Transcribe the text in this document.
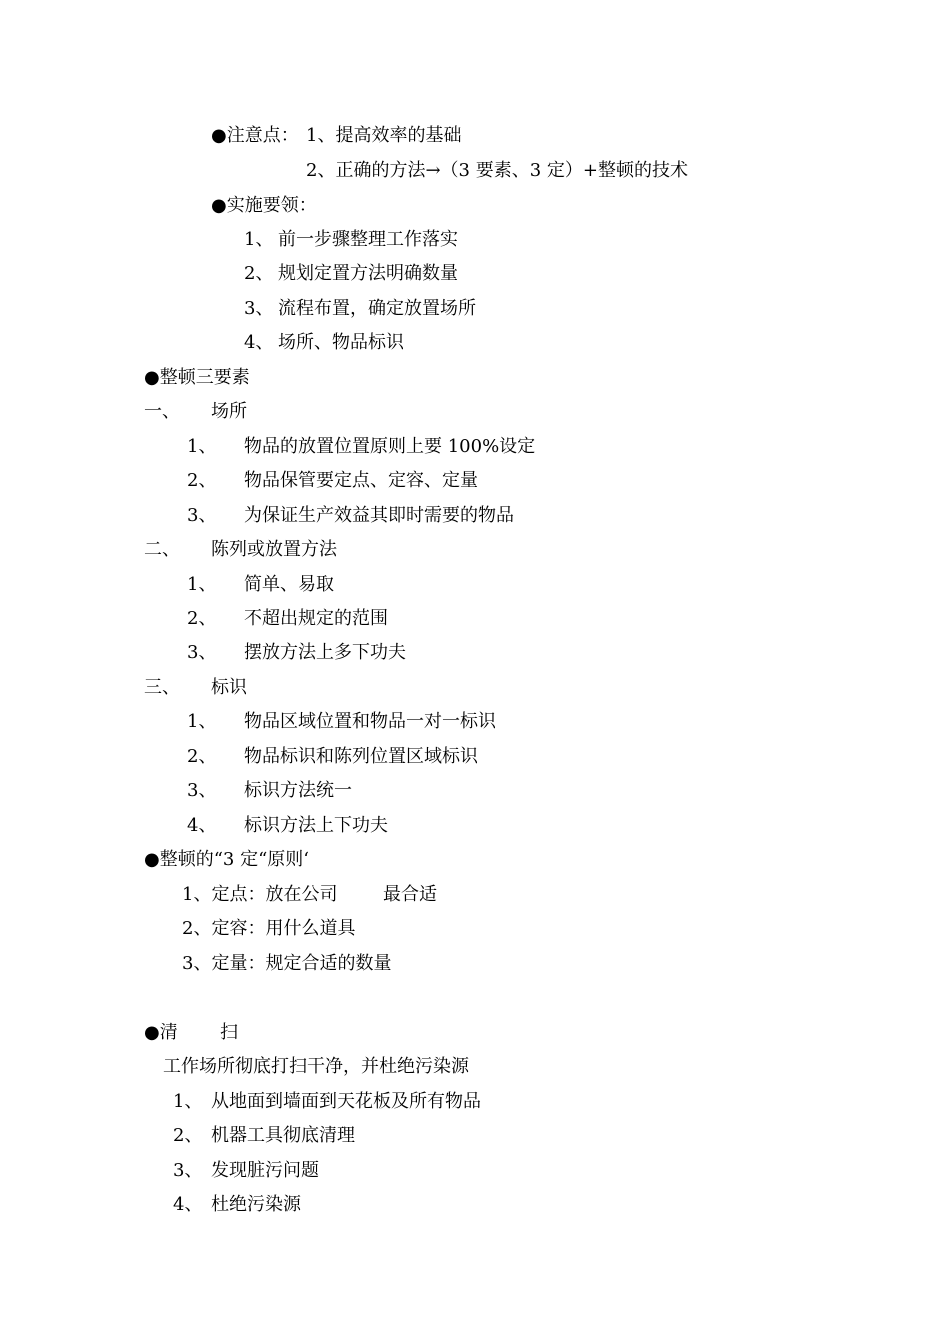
●注意点： 1、提高效率的基础
2、正确的方法→（3 要素、3 定）+整顿的技术
●实施要领：
1、 前一步骤整理工作落实
2、 规划定置方法明确数量
3、 流程布置，确定放置场所
4、 场所、物品标识
●整顿三要素
一、 场所
1、 物品的放置位置原则上要 100%设定
2、 物品保管要定点、定容、定量
3、 为保证生产效益其即时需要的物品
二、 陈列或放置方法
1、 简单、易取
2、 不超出规定的范围
3、 摆放方法上多下功夫
三、 标识
1、 物品区域位置和物品一对一标识
2、 物品标识和陈列位置区域标识
3、 标识方法统一
4、 标识方法上下功夫
●整顿的“3 定“原则‘
1、定点：放在公司	最合适
2、定容：用什么道具
3、定量：规定合适的数量
●清 扫
工作场所彻底打扫干净，并杜绝污染源
1、 从地面到墙面到天花板及所有物品
2、 机器工具彻底清理
3、 发现脏污问题
4、 杜绝污染源
